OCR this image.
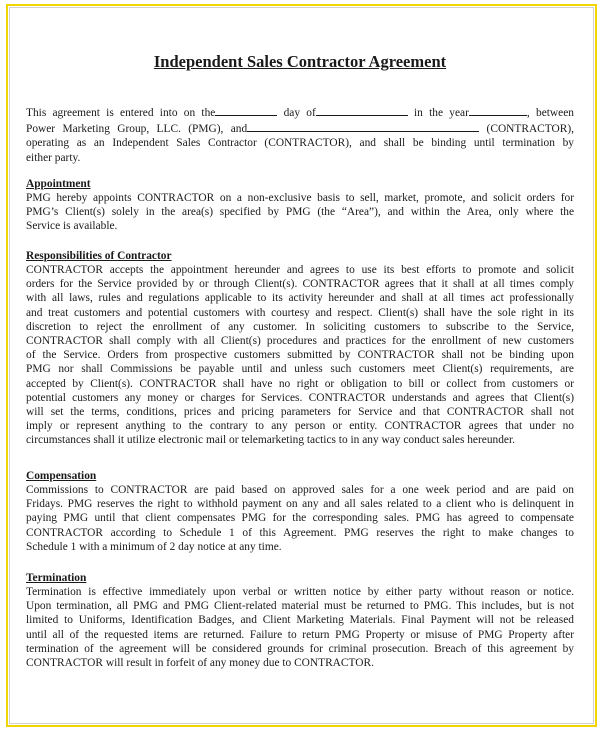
Independent Sales Contractor Agreement
This agreement is entered into on the	day of	in the year	, between
Power Marketing Group, LLC. (PMG), and	(CONTRACTOR),
operating as an Independent Sales Contractor (CONTRACTOR), and shall be binding until termination by
either party.

Appointment

PMG hereby appoints CONTRACTOR on a non-exclusive basis to sell, market, promote, and solicit orders for
PMG’s Client(s) solely in the area(s) specified by PMG (the “Area”), and within the Area, only where the
Service is available.

Responsibilities of Contractor

CONTRACTOR accepts the appointment hereunder and agrees to use its best efforts to promote and solicit
orders for the Service provided by or through Client(s). CONTRACTOR agrees that it shall at all times comply
with all laws, rules and regulations applicable to its activity hereunder and shall at all times act professionally
and treat customers and potential customers with courtesy and respect. Client(s) shall have the sole right in its
discretion to reject the enrollment of any customer. In soliciting customers to subscribe to the Service,
CONTRACTOR shall comply with all Client(s) procedures and practices for the enrollment of new customers
of the Service. Orders from prospective customers submitted by CONTRACTOR shall not be binding upon
PMG nor shall Commissions be payable until and unless such customers meet Client(s) requirements, are
accepted by Client(s). CONTRACTOR shall have no right or obligation to bill or collect from customers or
potential customers any money or charges for Services. CONTRACTOR understands and agrees that Client(s)
will set the terms, conditions, prices and pricing parameters for Service and that CONTRACTOR shall not
imply or represent anything to the contrary to any person or entity. CONTRACTOR agrees that under no
circumstances shall it utilize electronic mail or telemarketing tactics to in any way conduct sales hereunder.

Compensation

Commissions to CONTRACTOR are paid based on approved sales for a one week period and are paid on
Fridays. PMG reserves the right to withhold payment on any and all sales related to a client who is delinquent in
paying PMG until that client compensates PMG for the corresponding sales. PMG has agreed to compensate
CONTRACTOR according to Schedule 1 of this Agreement. PMG reserves the right to make changes to
Schedule 1 with a minimum of 2 day notice at any time.

Termination

Termination is effective immediately upon verbal or written notice by either party without reason or notice.
Upon termination, all PMG and PMG Client-related material must be returned to PMG. This includes, but is not
limited to Uniforms, Identification Badges, and Client Marketing Materials. Final Payment will not be released
until all of the requested items are returned. Failure to return PMG Property or misuse of PMG Property after
termination of the agreement will be considered grounds for criminal prosecution. Breach of this agreement by
CONTRACTOR will result in forfeit of any money due to CONTRACTOR.
